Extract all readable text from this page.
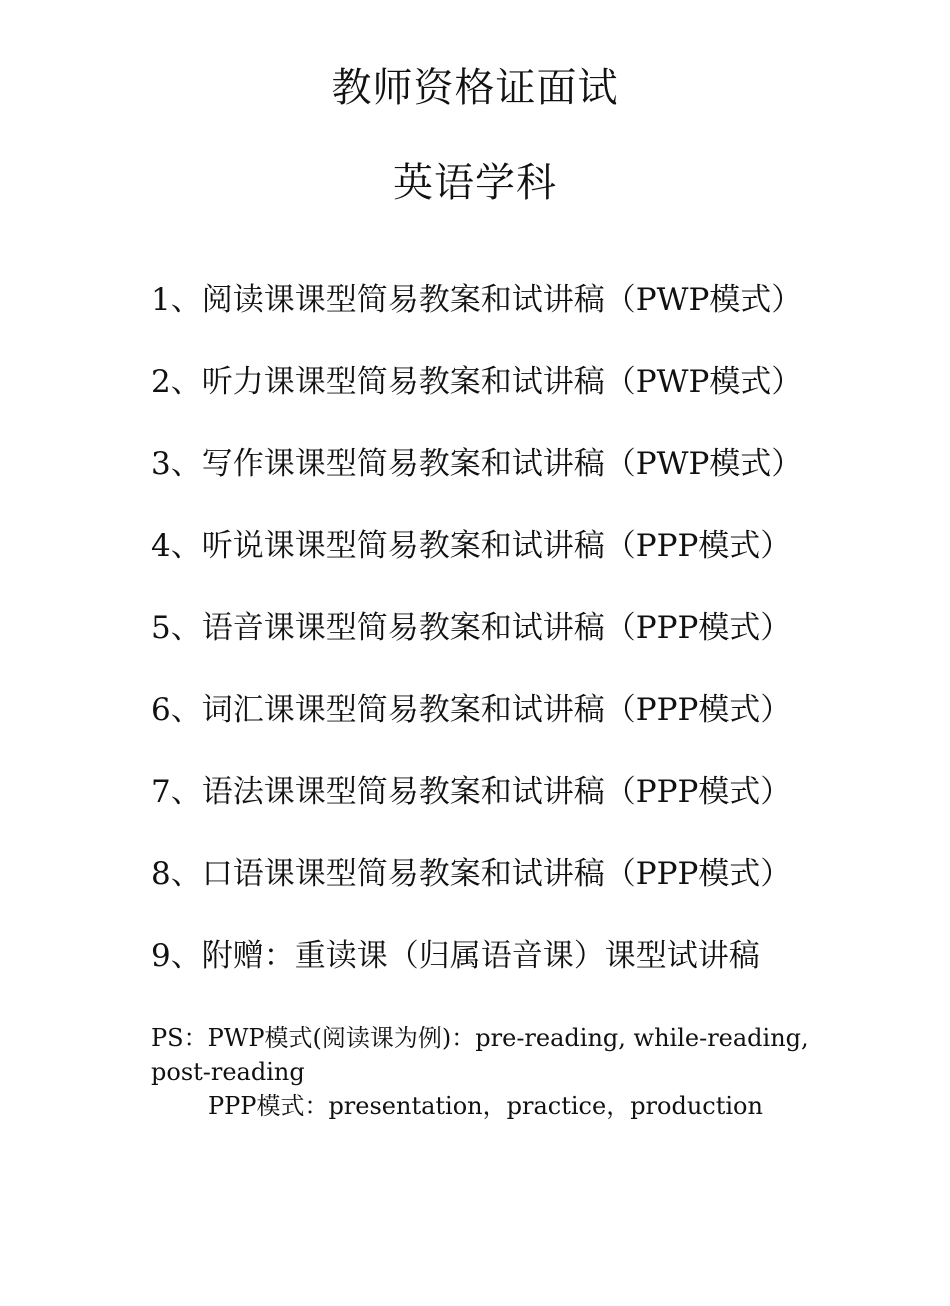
教师资格证面试
英语学科
1、阅读课课型简易教案和试讲稿（PWP模式）
2、听力课课型简易教案和试讲稿（PWP模式）
3、写作课课型简易教案和试讲稿（PWP模式）
4、听说课课型简易教案和试讲稿（PPP模式）
5、语音课课型简易教案和试讲稿（PPP模式）
6、词汇课课型简易教案和试讲稿（PPP模式）
7、语法课课型简易教案和试讲稿（PPP模式）
8、口语课课型简易教案和试讲稿（PPP模式）
9、附赠：重读课（归属语音课）课型试讲稿
PS：PWP模式(阅读课为例)：pre-reading, while-reading, post-reading
PPP模式：presentation，practice，production
